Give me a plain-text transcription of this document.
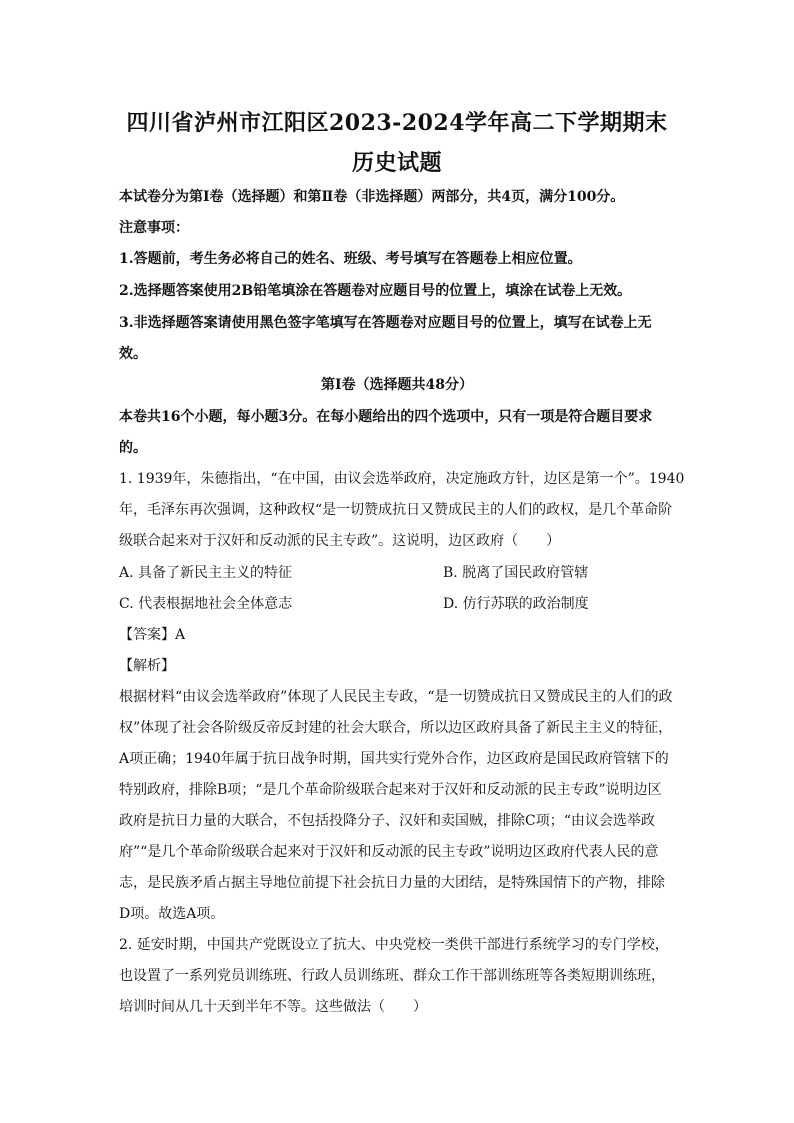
四川省泸州市江阳区2023-2024学年高二下学期期末
历史试题
本试卷分为第Ⅰ卷（选择题）和第Ⅱ卷（非选择题）两部分，共4页，满分100分。
注意事项：
1.答题前，考生务必将自己的姓名、班级、考号填写在答题卷上相应位置。
2.选择题答案使用2B铅笔填涂在答题卷对应题目号的位置上，填涂在试卷上无效。
3.非选择题答案请使用黑色签字笔填写在答题卷对应题目号的位置上，填写在试卷上无
效。
第Ⅰ卷（选择题共48分）
本卷共16个小题，每小题3分。在每小题给出的四个选项中，只有一项是符合题目要求
的。
1. 1939年，朱德指出，“在中国，由议会选举政府，决定施政方针，边区是第一个”。1940
年，毛泽东再次强调，这种政权“是一切赞成抗日又赞成民主的人们的政权，是几个革命阶
级联合起来对于汉奸和反动派的民主专政”。这说明，边区政府（　　）
A. 具备了新民主主义的特征	B. 脱离了国民政府管辖
C. 代表根据地社会全体意志	D. 仿行苏联的政治制度
【答案】A
【解析】
根据材料“由议会选举政府”体现了人民民主专政，“是一切赞成抗日又赞成民主的人们的政
权”体现了社会各阶级反帝反封建的社会大联合，所以边区政府具备了新民主主义的特征，
A项正确；1940年属于抗日战争时期，国共实行党外合作，边区政府是国民政府管辖下的
特别政府，排除B项；“是几个革命阶级联合起来对于汉奸和反动派的民主专政”说明边区
政府是抗日力量的大联合，不包括投降分子、汉奸和卖国贼，排除C项；“由议会选举政
府”“是几个革命阶级联合起来对于汉奸和反动派的民主专政”说明边区政府代表人民的意
志，是民族矛盾占据主导地位前提下社会抗日力量的大团结，是特殊国情下的产物，排除
D项。故选A项。
2. 延安时期，中国共产党既设立了抗大、中央党校一类供干部进行系统学习的专门学校，
也设置了一系列党员训练班、行政人员训练班、群众工作干部训练班等各类短期训练班，
培训时间从几十天到半年不等。这些做法（　　）
